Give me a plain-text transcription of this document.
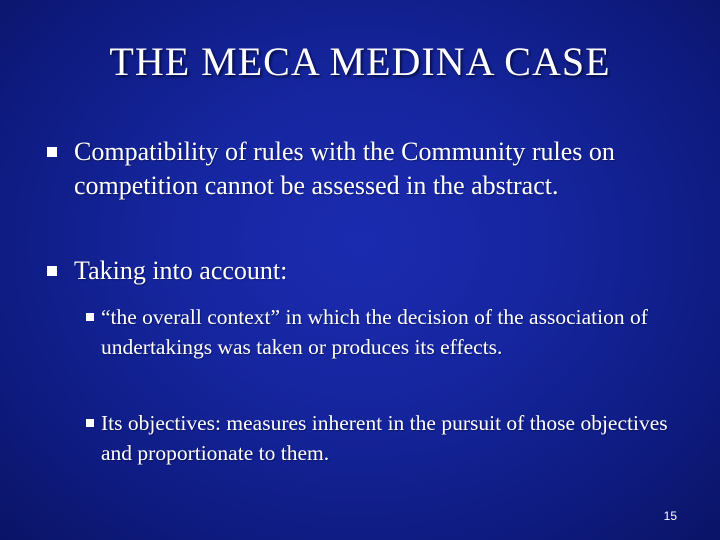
THE MECA MEDINA CASE
Compatibility of rules with the Community rules on competition cannot be assessed in the abstract.
Taking into account:
“the overall context” in which the decision of the association of undertakings was taken or produces its effects.
Its objectives: measures inherent in the pursuit of those objectives and proportionate to them.
15
